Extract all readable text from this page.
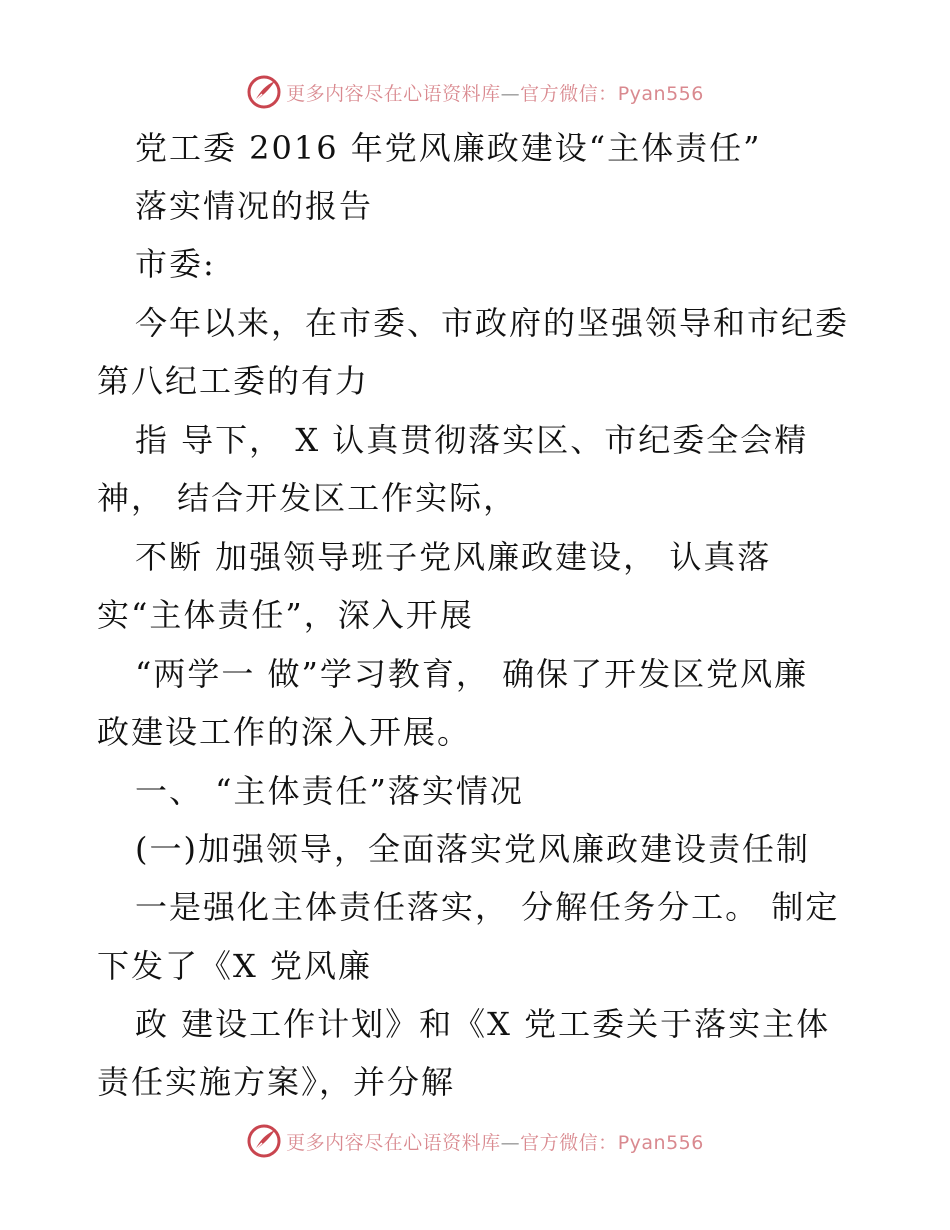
更多内容尽在心语资料库—官方微信：Pyan556
党工委 2016 年党风廉政建设“主体责任”
落实情况的报告
市委:
今年以来，在市委、市政府的坚强领导和市纪委
第八纪工委的有力
指 导下， X 认真贯彻落实区、市纪委全会精
神， 结合开发区工作实际，
不断 加强领导班子党风廉政建设， 认真落
实“主体责任”，深入开展
“两学一 做”学习教育， 确保了开发区党风廉
政建设工作的深入开展。
一、 “主体责任”落实情况
(一)加强领导，全面落实党风廉政建设责任制
一是强化主体责任落实， 分解任务分工。 制定
下发了《X 党风廉
政 建设工作计划》和《X 党工委关于落实主体
责任实施方案》，并分解
更多内容尽在心语资料库—官方微信：Pyan556
